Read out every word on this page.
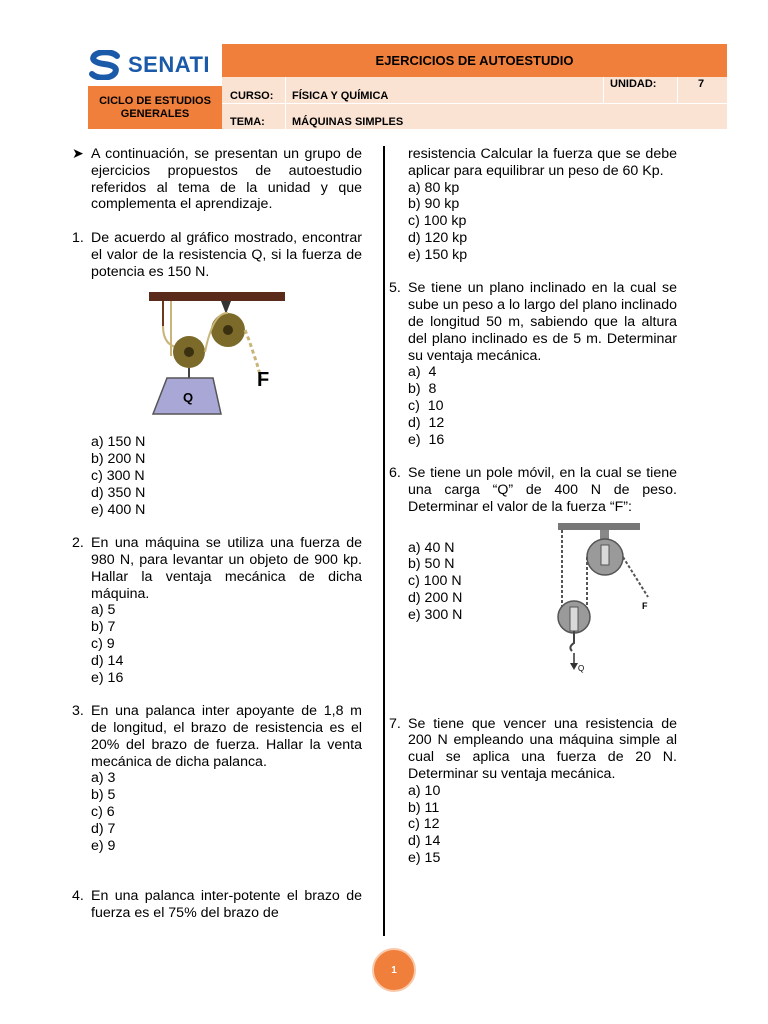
SENATI	EJERCICIOS DE AUTOESTUDIO
CICLO DE ESTUDIOS GENERALES
CURSO: FÍSICA Y QUÍMICA
UNIDAD:	7
TEMA: MÁQUINAS SIMPLES
➤ A continuación, se presentan un grupo de ejercicios propuestos de autoestudio referidos al tema de la unidad y que complementa el aprendizaje.
1. De acuerdo al gráfico mostrado, encontrar el valor de la resistencia Q, si la fuerza de potencia es 150 N.
Q
F
a) 150 N
b) 200 N
c) 300 N
d) 350 N
e) 400 N
2. En una máquina se utiliza una fuerza de 980 N, para levantar un objeto de 900 kp. Hallar la ventaja mecánica de dicha máquina.
a) 5
b) 7
c) 9
d) 14
e) 16
3. En una palanca inter apoyante de 1,8 m de longitud, el brazo de resistencia es el 20% del brazo de fuerza. Hallar la venta mecánica de dicha palanca.
a) 3
b) 5
c) 6
d) 7
e) 9
4. En una palanca inter-potente el brazo de fuerza es el 75% del brazo de
resistencia Calcular la fuerza que se debe aplicar para equilibrar un peso de 60 Kp.
a) 80 kp
b) 90 kp
c) 100 kp
d) 120 kp
e) 150 kp
5. Se tiene un plano inclinado en la cual se sube un peso a lo largo del plano inclinado de longitud 50 m, sabiendo que la altura del plano inclinado es de 5 m. Determinar su ventaja mecánica.
a)  4
b)  8
c)  10
d)  12
e)  16
6. Se tiene un pole móvil, en la cual se tiene una carga “Q” de 400 N de peso. Determinar el valor de la fuerza “F”:
a) 40 N
b) 50 N
c) 100 N
d) 200 N
e) 300 N
F
Q
7. Se tiene que vencer una resistencia de 200 N empleando una máquina simple al cual se aplica una fuerza de 20 N. Determinar su ventaja mecánica.
a) 10
b) 11
c) 12
d) 14
e) 15
1
